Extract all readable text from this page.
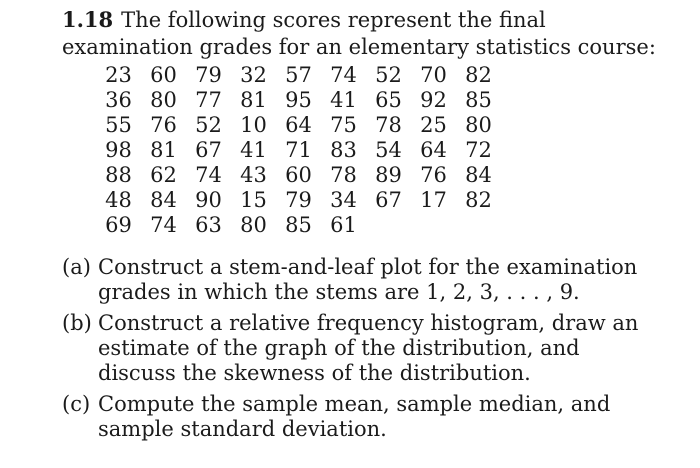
1.18 The following scores represent the final examination grades for an elementary statistics course:
23	60	79	32	57	74	52	70	82
36	80	77	81	95	41	65	92	85
55	76	52	10	64	75	78	25	80
98	81	67	41	71	83	54	64	72
88	62	74	43	60	78	89	76	84
48	84	90	15	79	34	67	17	82
69	74	63	80	85	61			
(a) Construct a stem-and-leaf plot for the examination grades in which the stems are 1, 2, 3, . . . , 9.
(b) Construct a relative frequency histogram, draw an estimate of the graph of the distribution, and discuss the skewness of the distribution.
(c) Compute the sample mean, sample median, and sample standard deviation.
